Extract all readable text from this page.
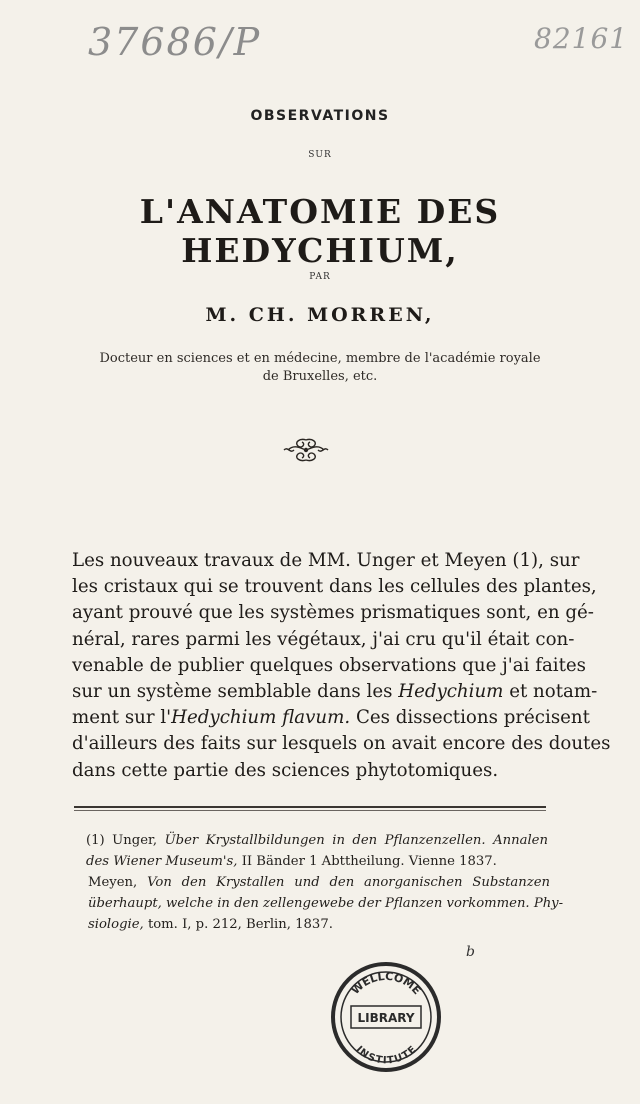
37686/P	82161
OBSERVATIONS
SUR
L'ANATOMIE DES HEDYCHIUM,
PAR
M. CH. MORREN,
Docteur en sciences et en médecine, membre de l'académie royale
de Bruxelles, etc.
Les nouveaux travaux de MM. Unger et Meyen (1), sur
les cristaux qui se trouvent dans les cellules des plantes,
ayant prouvé que les systèmes prismatiques sont, en gé-
néral, rares parmi les végétaux, j'ai cru qu'il était con-
venable de publier quelques observations que j'ai faites
sur un système semblable dans les Hedychium et notam-
ment sur l'Hedychium flavum. Ces dissections précisent
d'ailleurs des faits sur lesquels on avait encore des doutes
dans cette partie des sciences phytotomiques.
(1) Unger, Über Krystallbildungen in den Pflanzenzellen. Annalen
des Wiener Museum's, II Bänder 1 Abttheilung. Vienne 1837.
Meyen, Von den Krystallen und den anorganischen Substanzen
überhaupt, welche in den zellengewebe der Pflanzen vorkommen. Phy-
siologie, tom. I, p. 212, Berlin, 1837.
b
WELLCOME
LIBRARY
INSTITUTE
